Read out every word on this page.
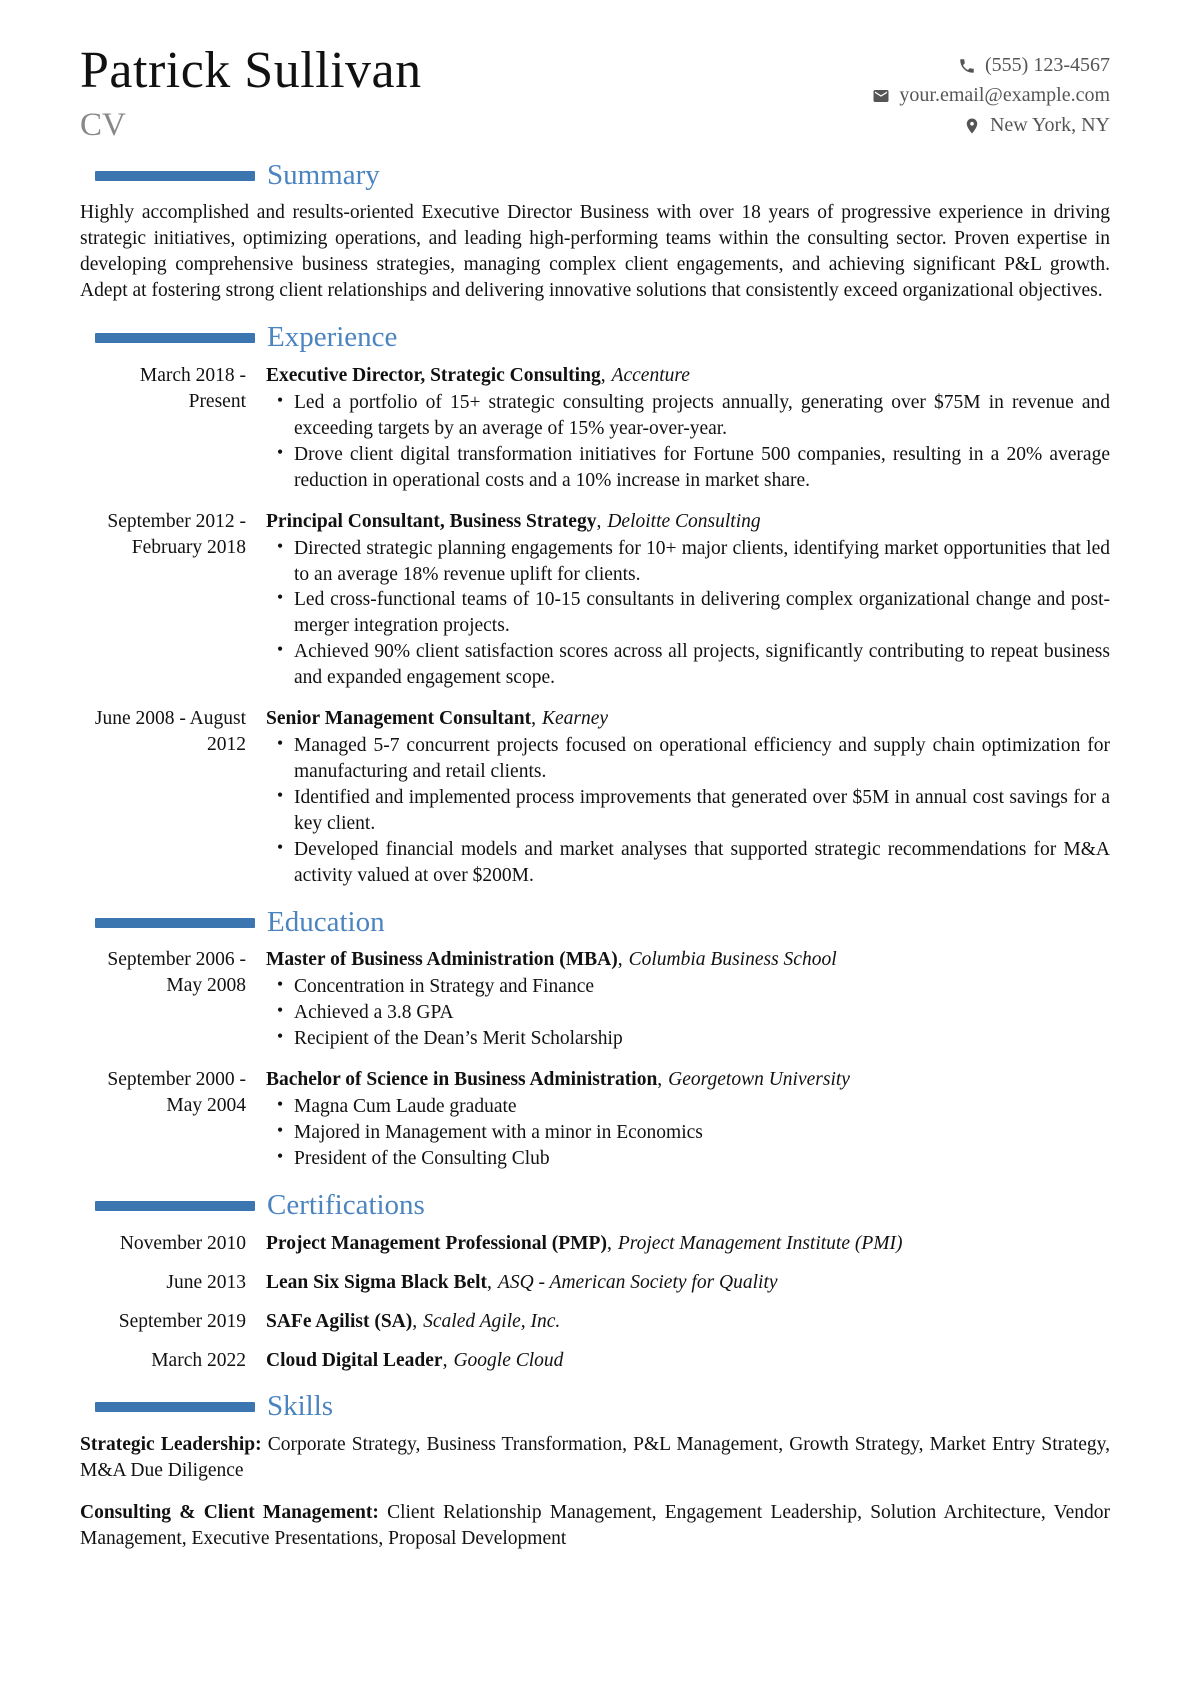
Patrick Sullivan
CV
(555) 123-4567
your.email@example.com
New York, NY
Summary

Highly accomplished and results-oriented Executive Director Business with over 18 years of progressive experience in driving strategic initiatives, optimizing operations, and leading high-performing teams within the consulting sector. Proven expertise in developing comprehensive business strategies, managing complex client engagements, and achieving significant P&L growth. Adept at fostering strong client relationships and delivering innovative solutions that consistently exceed organizational objectives.

Experience
March 2018 - Present
Executive Director, Strategic Consulting , Accenture
• Led a portfolio of 15+ strategic consulting projects annually, generating over $75M in revenue and exceeding targets by an average of 15% year-over-year.
• Drove client digital transformation initiatives for Fortune 500 companies, resulting in a 20% average reduction in operational costs and a 10% increase in market share.
September 2012 - February 2018
Principal Consultant, Business Strategy , Deloitte Consulting
• Directed strategic planning engagements for 10+ major clients, identifying market opportunities that led to an average 18% revenue uplift for clients.
• Led cross-functional teams of 10-15 consultants in delivering complex organizational change and post-merger integration projects.
• Achieved 90% client satisfaction scores across all projects, significantly contributing to repeat business and expanded engagement scope.
June 2008 - August 2012
Senior Management Consultant , Kearney
• Managed 5-7 concurrent projects focused on operational efficiency and supply chain optimization for manufacturing and retail clients.
• Identified and implemented process improvements that generated over $5M in annual cost savings for a key client.
• Developed financial models and market analyses that supported strategic recommendations for M&A activity valued at over $200M.
Education
September 2006 - May 2008
Master of Business Administration (MBA) , Columbia Business School
• Concentration in Strategy and Finance
• Achieved a 3.8 GPA
• Recipient of the Dean’s Merit Scholarship
September 2000 - May 2004
Bachelor of Science in Business Administration , Georgetown University
• Magna Cum Laude graduate
• Majored in Management with a minor in Economics
• President of the Consulting Club
Certifications
November 2010 Project Management Professional (PMP) , Project Management Institute (PMI)
June 2013 Lean Six Sigma Black Belt , ASQ - American Society for Quality
September 2019 SAFe Agilist (SA) , Scaled Agile, Inc.
March 2022 Cloud Digital Leader , Google Cloud
Skills

Strategic Leadership: Corporate Strategy, Business Transformation, P&L Management, Growth Strategy, Market Entry Strategy, M&A Due Diligence

Consulting & Client Management: Client Relationship Management, Engagement Leadership, Solution Architecture, Vendor Management, Executive Presentations, Proposal Development
